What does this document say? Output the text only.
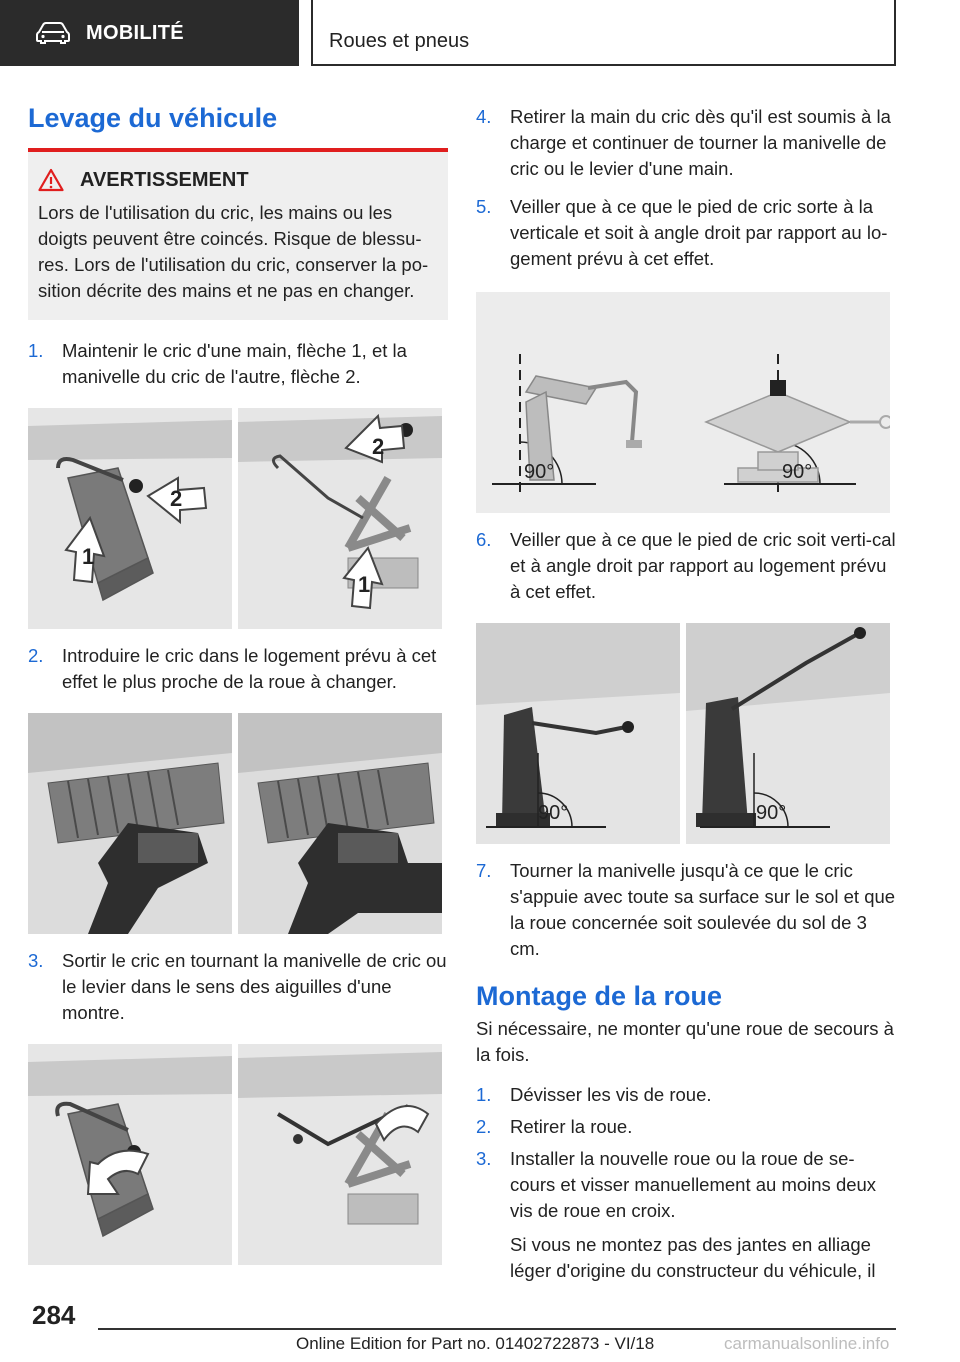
MOBILITÉ	Roues et pneus
Levage du véhicule
AVERTISSEMENT
Lors de l'utilisation du cric, les mains ou les doigts peuvent être coincés. Risque de blessu-res. Lors de l'utilisation du cric, conserver la po-sition décrite des mains et ne pas en changer.
1.	Maintenir le cric d'une main, flèche 1, et la manivelle du cric de l'autre, flèche 2.
1
2
2
1
2.	Introduire le cric dans le logement prévu à cet effet le plus proche de la roue à changer.
3.	Sortir le cric en tournant la manivelle de cric ou le levier dans le sens des aiguilles d'une montre.
4.	Retirer la main du cric dès qu'il est soumis à la charge et continuer de tourner la manivelle de cric ou le levier d'une main.
5.	Veiller que à ce que le pied de cric sorte à la verticale et soit à angle droit par rapport au lo-gement prévu à cet effet.
90°	90°
6.	Veiller que à ce que le pied de cric soit verti-cal et à angle droit par rapport au logement prévu à cet effet.
90°	90°
7.	Tourner la manivelle jusqu'à ce que le cric s'appuie avec toute sa surface sur le sol et que la roue concernée soit soulevée du sol de 3 cm.
Montage de la roue
Si nécessaire, ne monter qu'une roue de secours à la fois.
1.	Dévisser les vis de roue.
2.	Retirer la roue.
3.	Installer la nouvelle roue ou la roue de se-cours et visser manuellement au moins deux vis de roue en croix.
Si vous ne montez pas des jantes en alliage léger d'origine du constructeur du véhicule, il
284
Online Edition for Part no. 01402722873 - VI/18	carmanualsonline.info
